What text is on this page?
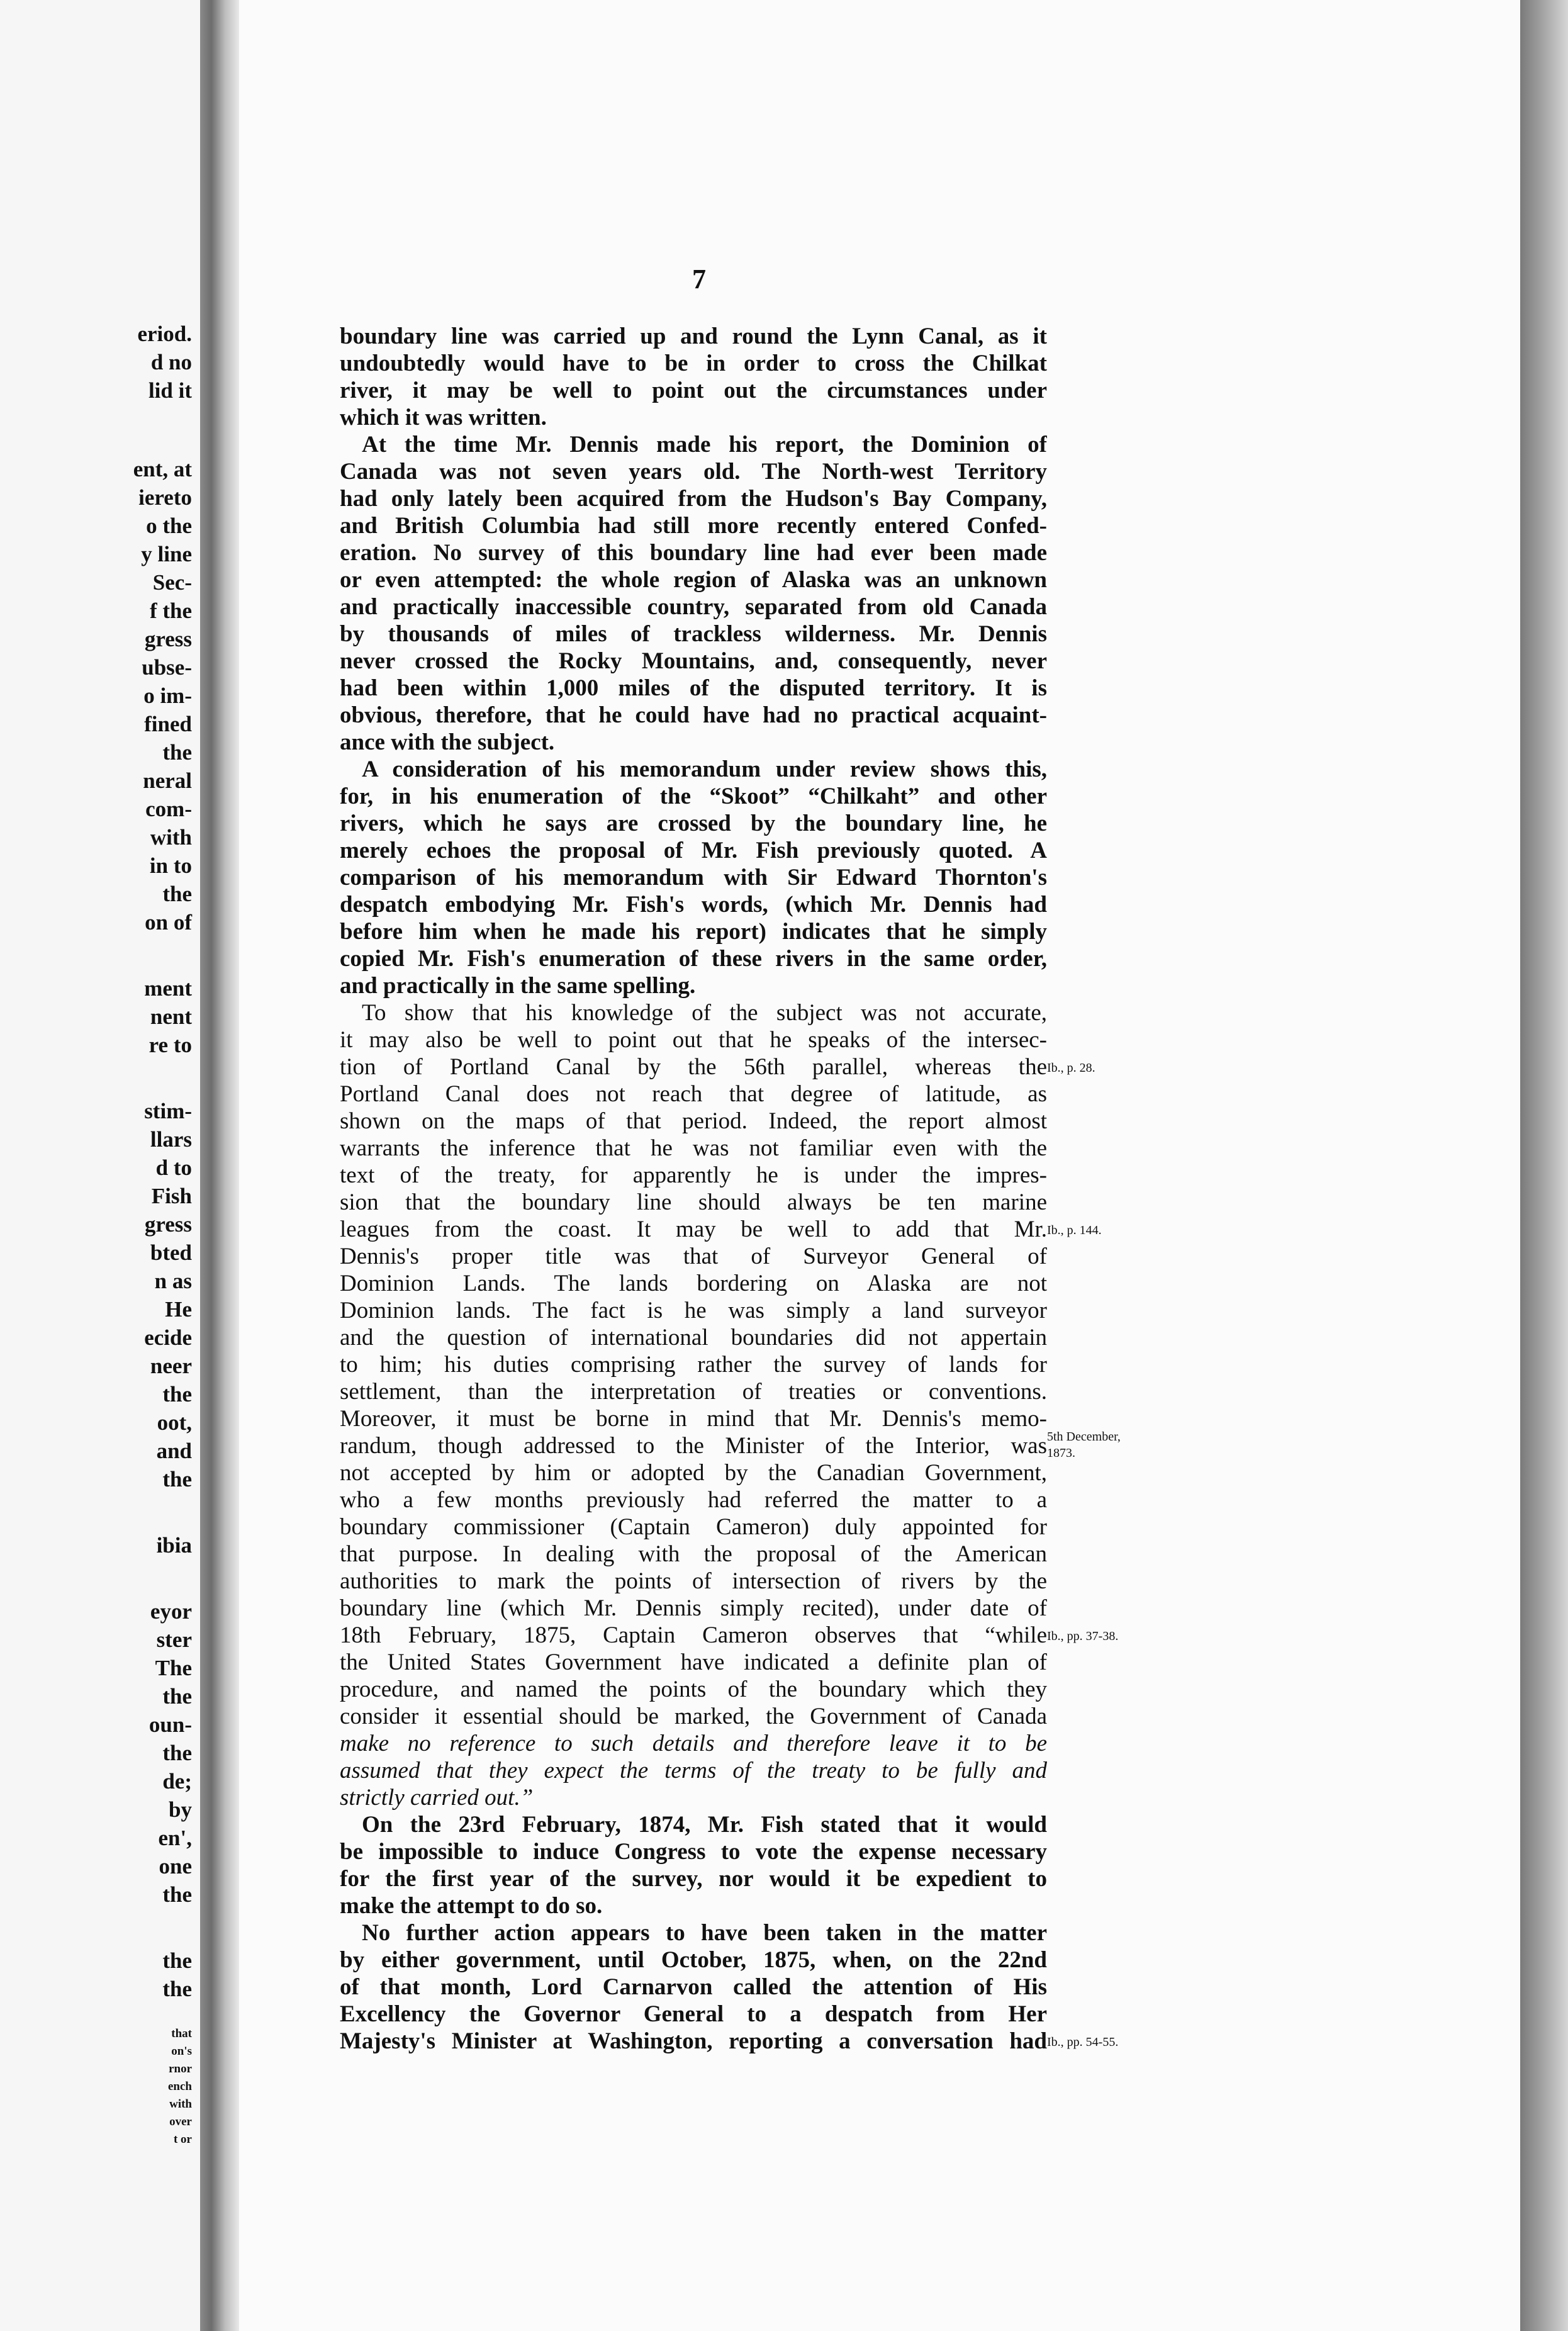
eriod.
d no
lid it
ent, at
iereto
o the
y line
Sec-
f the
gress
ubse-
o im-
fined
the
neral
com-
with
in to
the
on of
ment
nent
re to
stim-
llars
d to
Fish
gress
bted
n as
He
ecide
neer
the
oot,
and
the
ibia
eyor
ster
The
the
oun-
the
de;
by
en',
one
the
the
the
that
on's
rnor
ench
with
over
t or
7
boundary line was carried up and round the Lynn Canal, as it
undoubtedly would have to be in order to cross the Chilkat
river, it may be well to point out the circumstances under
which it was written.
At the time Mr. Dennis made his report, the Dominion of
Canada was not seven years old. The North-west Territory
had only lately been acquired from the Hudson's Bay Company,
and British Columbia had still more recently entered Confed-
eration. No survey of this boundary line had ever been made
or even attempted: the whole region of Alaska was an unknown
and practically inaccessible country, separated from old Canada
by thousands of miles of trackless wilderness. Mr. Dennis
never crossed the Rocky Mountains, and, consequently, never
had been within 1,000 miles of the disputed territory. It is
obvious, therefore, that he could have had no practical acquaint-
ance with the subject.
A consideration of his memorandum under review shows this,
for, in his enumeration of the “Skoot” “Chilkaht” and other
rivers, which he says are crossed by the boundary line, he
merely echoes the proposal of Mr. Fish previously quoted. A
comparison of his memorandum with Sir Edward Thornton's
despatch embodying Mr. Fish's words, (which Mr. Dennis had
before him when he made his report) indicates that he simply
copied Mr. Fish's enumeration of these rivers in the same order,
and practically in the same spelling.
To show that his knowledge of the subject was not accurate,
it may also be well to point out that he speaks of the intersec-
tion of Portland Canal by the 56th parallel, whereas the
Portland Canal does not reach that degree of latitude, as
shown on the maps of that period. Indeed, the report almost
warrants the inference that he was not familiar even with the
text of the treaty, for apparently he is under the impres-
sion that the boundary line should always be ten marine
leagues from the coast. It may be well to add that Mr.
Dennis's proper title was that of Surveyor General of
Dominion Lands. The lands bordering on Alaska are not
Dominion lands. The fact is he was simply a land surveyor
and the question of international boundaries did not appertain
to him; his duties comprising rather the survey of lands for
settlement, than the interpretation of treaties or conventions.
Moreover, it must be borne in mind that Mr. Dennis's memo-
randum, though addressed to the Minister of the Interior, was
not accepted by him or adopted by the Canadian Government,
who a few months previously had referred the matter to a
boundary commissioner (Captain Cameron) duly appointed for
that purpose. In dealing with the proposal of the American
authorities to mark the points of intersection of rivers by the
boundary line (which Mr. Dennis simply recited), under date of
18th February, 1875, Captain Cameron observes that “while
the United States Government have indicated a definite plan of
procedure, and named the points of the boundary which they
consider it essential should be marked, the Government of Canada
make no reference to such details and therefore leave it to be
assumed that they expect the terms of the treaty to be fully and
strictly carried out.”
On the 23rd February, 1874, Mr. Fish stated that it would
be impossible to induce Congress to vote the expense necessary
for the first year of the survey, nor would it be expedient to
make the attempt to do so.
No further action appears to have been taken in the matter
by either government, until October, 1875, when, on the 22nd
of that month, Lord Carnarvon called the attention of His
Excellency the Governor General to a despatch from Her
Majesty's Minister at Washington, reporting a conversation had
Ib., p. 28.
Ib., p. 144.
5th December,
1873.
Ib., pp. 37-38.
Ib., pp. 54-55.
